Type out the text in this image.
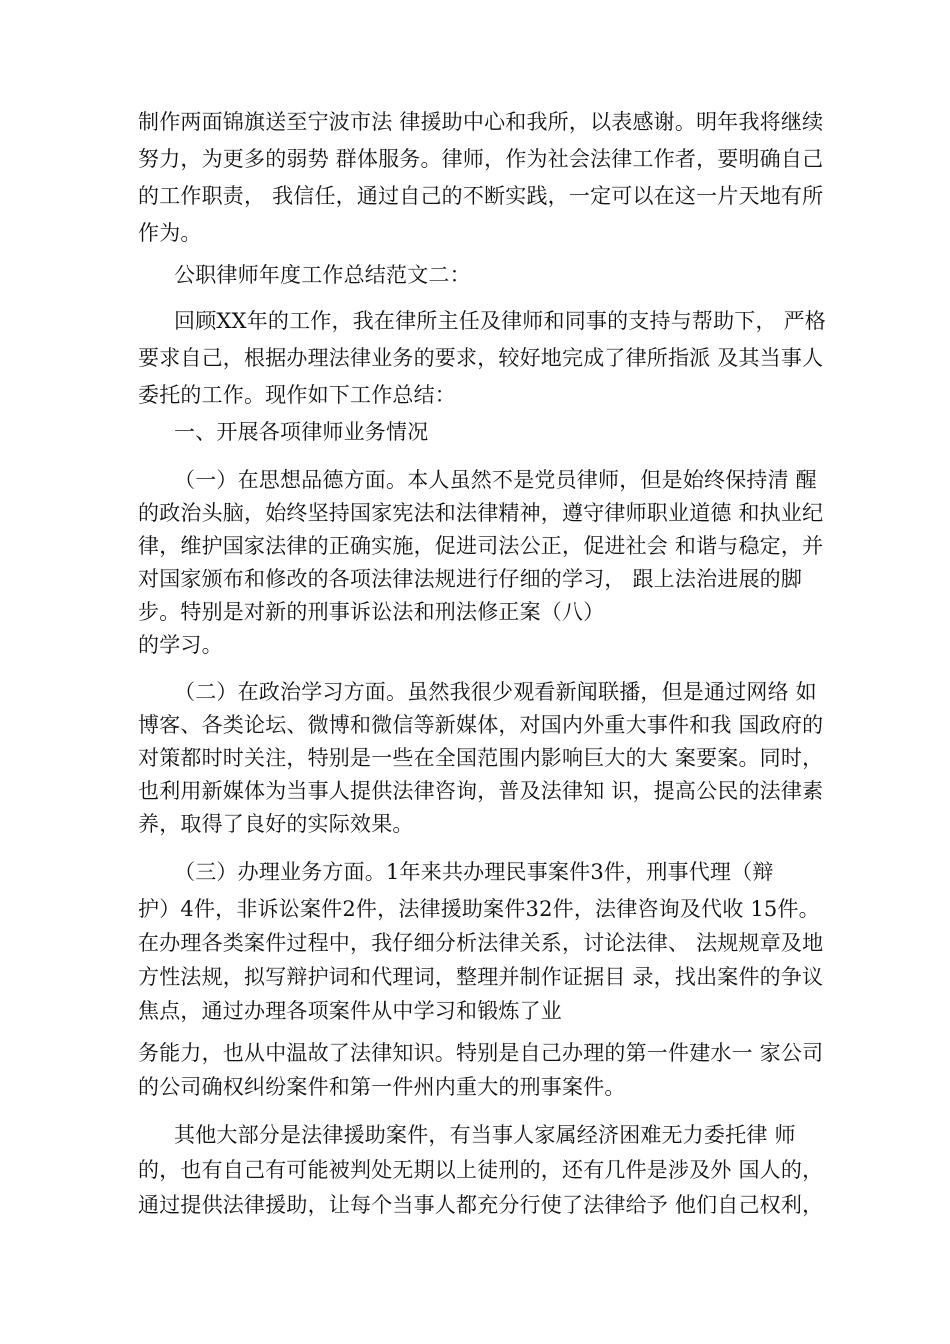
制作两面锦旗送至宁波市法 律援助中心和我所，以表感谢。明年我将继续
努力，为更多的弱势 群体服务。律师，作为社会法律工作者，要明确自己
的工作职责， 我信任，通过自己的不断实践，一定可以在这一片天地有所
作为。
公职律师年度工作总结范文二：
回顾XX年的工作，我在律所主任及律师和同事的支持与帮助下， 严格
要求自己，根据办理法律业务的要求，较好地完成了律所指派 及其当事人
委托的工作。现作如下工作总结：
一、开展各项律师业务情况
（一）在思想品德方面。本人虽然不是党员律师，但是始终保持清 醒
的政治头脑，始终坚持国家宪法和法律精神，遵守律师职业道德 和执业纪
律，维护国家法律的正确实施，促进司法公正，促进社会 和谐与稳定，并
对国家颁布和修改的各项法律法规进行仔细的学习， 跟上法治进展的脚
步。特别是对新的刑事诉讼法和刑法修正案（八）
的学习。
（二）在政治学习方面。虽然我很少观看新闻联播，但是通过网络 如
博客、各类论坛、微博和微信等新媒体，对国内外重大事件和我 国政府的
对策都时时关注，特别是一些在全国范围内影响巨大的大 案要案。同时，
也利用新媒体为当事人提供法律咨询，普及法律知 识，提高公民的法律素
养，取得了良好的实际效果。
（三）办理业务方面。1年来共办理民事案件3件，刑事代理（辩
护）4件，非诉讼案件2件，法律援助案件32件，法律咨询及代收 15件。
在办理各类案件过程中，我仔细分析法律关系，讨论法律、 法规规章及地
方性法规，拟写辩护词和代理词，整理并制作证据目 录，找出案件的争议
焦点，通过办理各项案件从中学习和锻炼了业
务能力，也从中温故了法律知识。特别是自己办理的第一件建水一 家公司
的公司确权纠纷案件和第一件州内重大的刑事案件。
其他大部分是法律援助案件，有当事人家属经济困难无力委托律 师
的，也有自己有可能被判处无期以上徒刑的，还有几件是涉及外 国人的，
通过提供法律援助，让每个当事人都充分行使了法律给予 他们自己权利，
